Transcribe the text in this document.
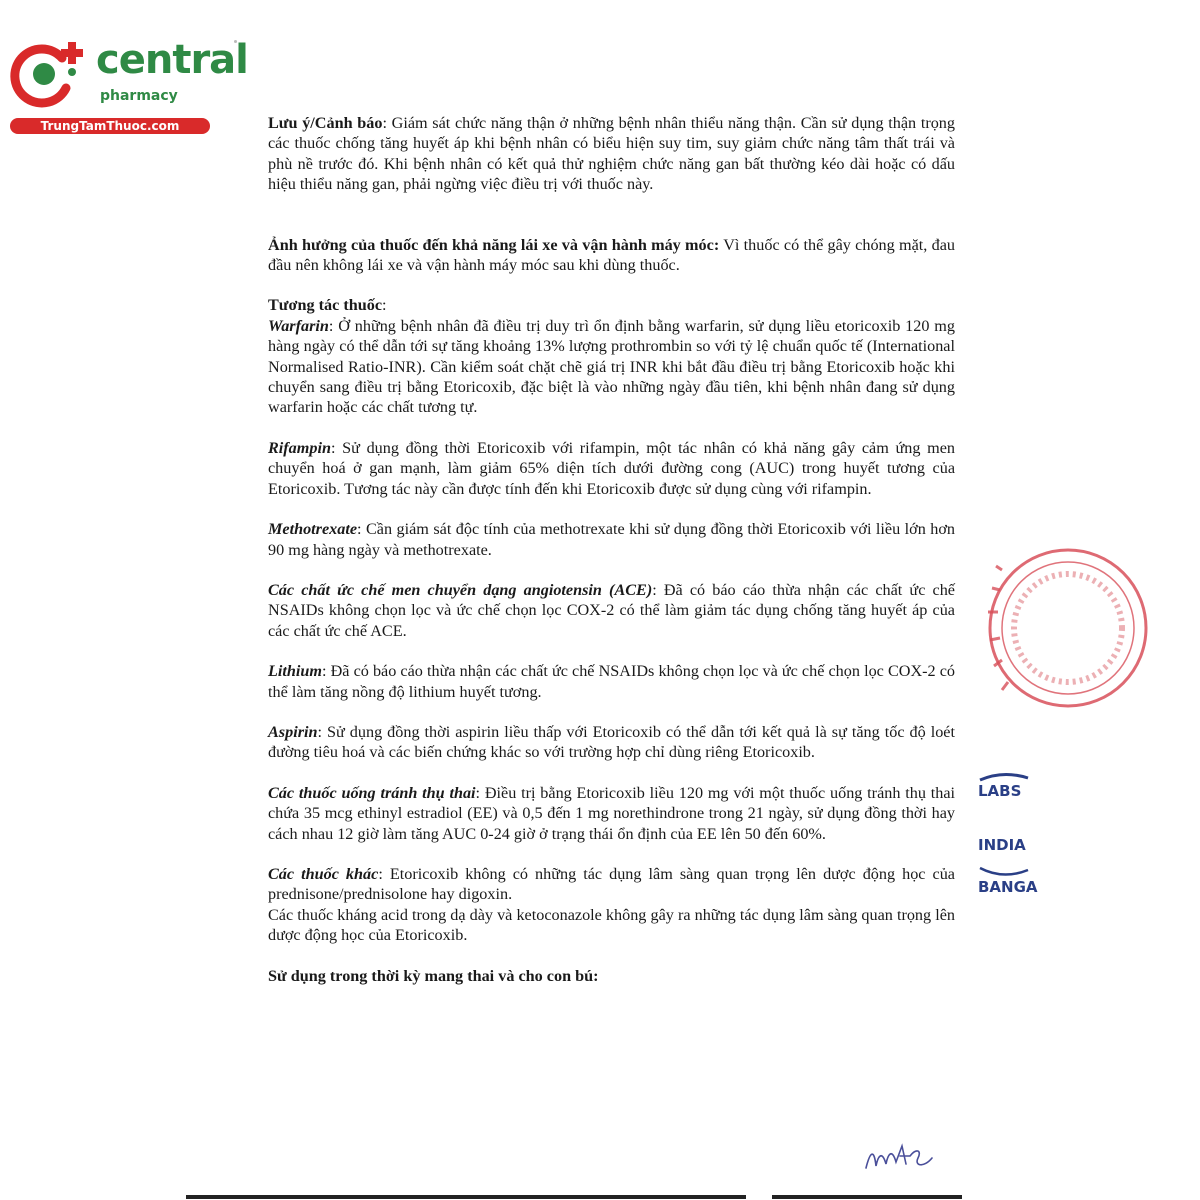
central
pharmacy
TrungTamThuoc.com	Lưu ý/Cảnh báo: Giám sát chức năng thận ở những bệnh nhân thiểu năng thận. Cần sử dụng thận trọng các thuốc chống tăng huyết áp khi bệnh nhân có biểu hiện suy tim, suy giảm chức năng tâm thất trái và phù nề trước đó. Khi bệnh nhân có kết quả thử nghiệm chức năng gan bất thường kéo dài hoặc có dấu hiệu thiểu năng gan, phải ngừng việc điều trị với thuốc này.

Ảnh hưởng của thuốc đến khả năng lái xe và vận hành máy móc: Vì thuốc có thể gây chóng mặt, đau đầu nên không lái xe và vận hành máy móc sau khi dùng thuốc.

Tương tác thuốc:

Warfarin: Ở những bệnh nhân đã điều trị duy trì ổn định bằng warfarin, sử dụng liều etoricoxib 120 mg hàng ngày có thể dẫn tới sự tăng khoảng 13% lượng prothrombin so với tỷ lệ chuẩn quốc tế (International Normalised Ratio-INR). Cần kiểm soát chặt chẽ giá trị INR khi bắt đầu điều trị bằng Etoricoxib hoặc khi chuyển sang điều trị bằng Etoricoxib, đặc biệt là vào những ngày đầu tiên, khi bệnh nhân đang sử dụng warfarin hoặc các chất tương tự.

Rifampin: Sử dụng đồng thời Etoricoxib với rifampin, một tác nhân có khả năng gây cảm ứng men chuyển hoá ở gan mạnh, làm giảm 65% diện tích dưới đường cong (AUC) trong huyết tương của Etoricoxib. Tương tác này cần được tính đến khi Etoricoxib được sử dụng cùng với rifampin.

Methotrexate: Cần giám sát độc tính của methotrexate khi sử dụng đồng thời Etoricoxib với liều lớn hơn 90 mg hàng ngày và methotrexate.

Các chất ức chế men chuyển dạng angiotensin (ACE): Đã có báo cáo thừa nhận các chất ức chế NSAIDs không chọn lọc và ức chế chọn lọc COX-2 có thể làm giảm tác dụng chống tăng huyết áp của các chất ức chế ACE.

Lithium: Đã có báo cáo thừa nhận các chất ức chế NSAIDs không chọn lọc và ức chế chọn lọc COX-2 có thể làm tăng nồng độ lithium huyết tương.

Aspirin: Sử dụng đồng thời aspirin liều thấp với Etoricoxib có thể dẫn tới kết quả là sự tăng tốc độ loét đường tiêu hoá và các biến chứng khác so với trường hợp chỉ dùng riêng Etoricoxib.

Các thuốc uống tránh thụ thai: Điều trị bằng Etoricoxib liều 120 mg với một thuốc uống tránh thụ thai chứa 35 mcg ethinyl estradiol (EE) và 0,5 đến 1 mg norethindrone trong 21 ngày, sử dụng đồng thời hay cách nhau 12 giờ làm tăng AUC 0-24 giờ ở trạng thái ổn định của EE lên 50 đến 60%.

Các thuốc khác: Etoricoxib không có những tác dụng lâm sàng quan trọng lên dược động học của prednisone/prednisolone hay digoxin.

Các thuốc kháng acid trong dạ dày và ketoconazole không gây ra những tác dụng lâm sàng quan trọng lên dược động học của Etoricoxib.

Sử dụng trong thời kỳ mang thai và cho con bú:

LABS
INDIA
BANGA
